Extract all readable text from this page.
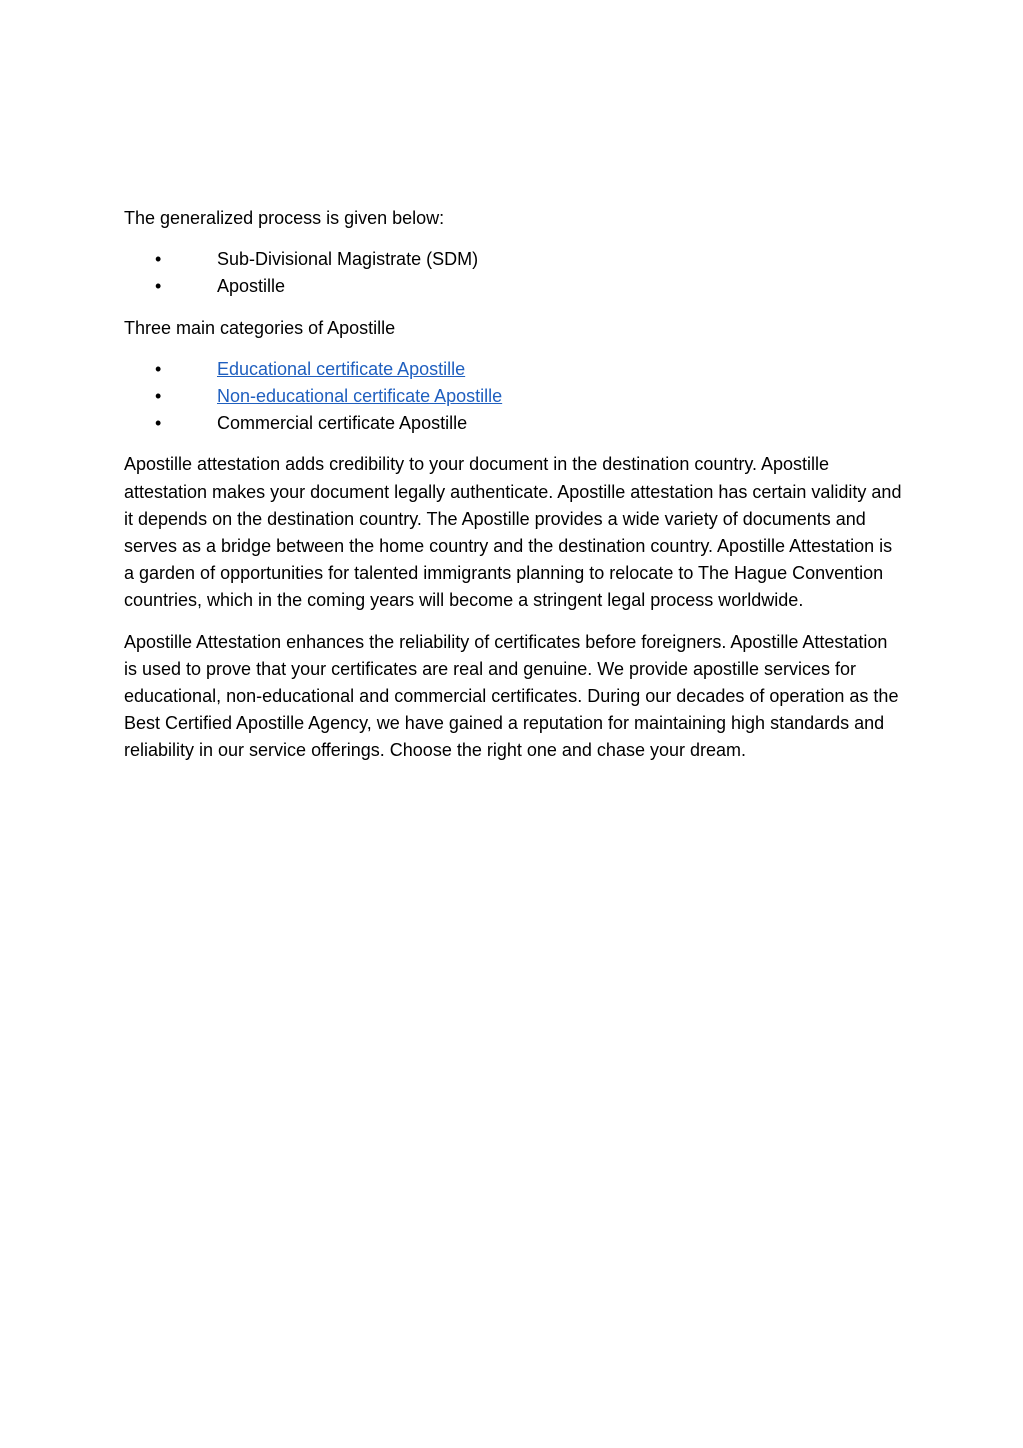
The generalized process is given below:

•	Sub-Divisional Magistrate (SDM)
•	Apostille

Three main categories of Apostille

•	Educational certificate Apostille
•	Non-educational certificate Apostille
•	Commercial certificate Apostille

Apostille attestation adds credibility to your document in the destination country. Apostille attestation makes your document legally authenticate. Apostille attestation has certain validity and it depends on the destination country. The Apostille provides a wide variety of documents and serves as a bridge between the home country and the destination country. Apostille Attestation is a garden of opportunities for talented immigrants planning to relocate to The Hague Convention countries, which in the coming years will become a stringent legal process worldwide.

Apostille Attestation enhances the reliability of certificates before foreigners. Apostille Attestation is used to prove that your certificates are real and genuine. We provide apostille services for educational, non-educational and commercial certificates. During our decades of operation as the Best Certified Apostille Agency, we have gained a reputation for maintaining high standards and reliability in our service offerings. Choose the right one and chase your dream.
